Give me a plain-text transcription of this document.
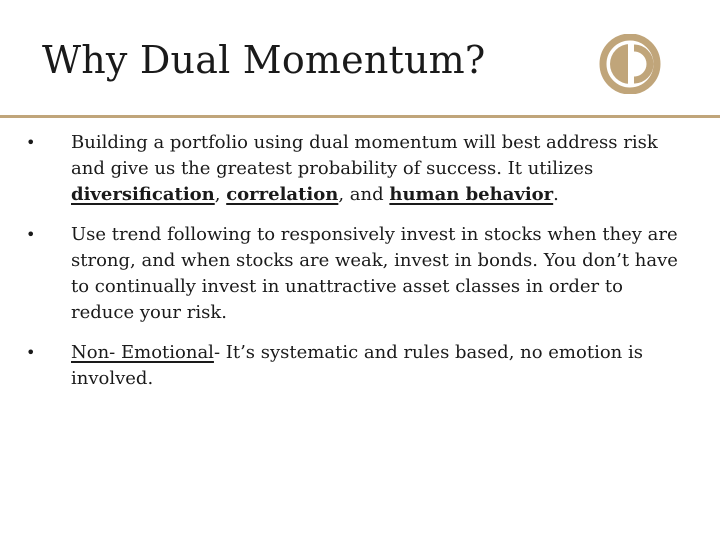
Why Dual Momentum?
• Building a portfolio using dual momentum will best address risk and give us the greatest probability of success. It utilizes diversification, correlation, and human behavior.
• Use trend following to responsively invest in stocks when they are strong, and when stocks are weak, invest in bonds. You don’t have to continually invest in unattractive asset classes in order to reduce your risk.
• Non- Emotional- It’s systematic and rules based, no emotion is involved.
